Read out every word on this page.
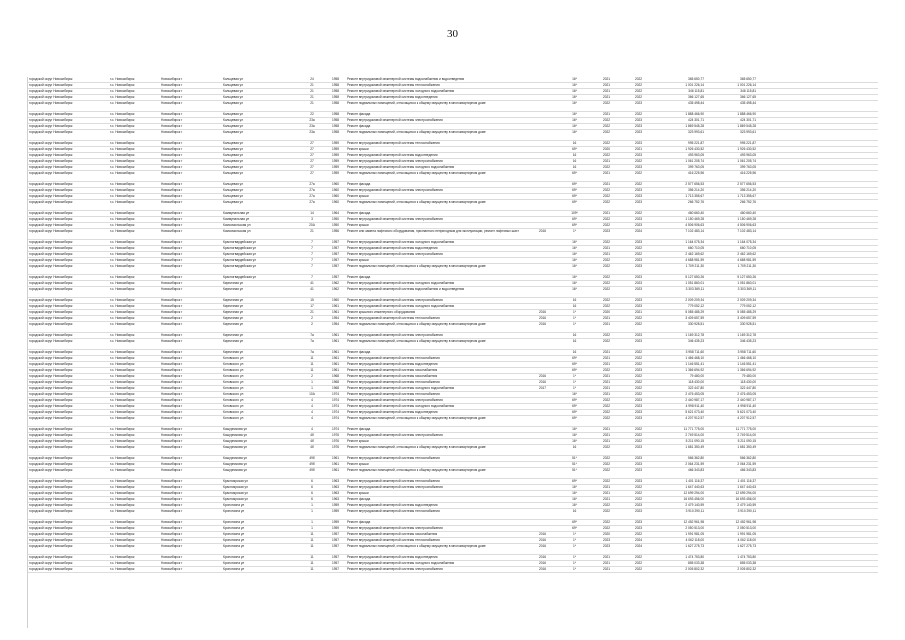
30
городской округ Новосибирск	г.о. Новосибирск	Новосибирск г	Кольцевая ул	24	1958	Ремонт внутридомовой инженерной системы водоснабжения и водоотведения	16*	2021	2022	365 650,77	365 650,77
городской округ Новосибирск	г.о. Новосибирск	Новосибирск г	Кольцевая ул	21	1958	Ремонт внутридомовой инженерной системы теплоснабжения	16*	2021	2022	1 001 226,14	1 001 226,14
городской округ Новосибирск	г.о. Новосибирск	Новосибирск г	Кольцевая ул	21	1958	Ремонт внутридомовой инженерной системы холодного водоснабжения	16*	2021	2022	346 115,81	346 115,81
городской округ Новосибирск	г.о. Новосибирск	Новосибирск г	Кольцевая ул	21	1958	Ремонт внутридомовой инженерной системы водоотведения	16*	2021	2022	366 127,65	366 127,65
городской округ Новосибирск	г.о. Новосибирск	Новосибирск г	Кольцевая ул	21	1958	Ремонт подвальных помещений, относящихся к общему имуществу в многоквартирном доме	16*	2022	2023	435 498,44	435 498,44
городской округ Новосибирск	г.о. Новосибирск	Новосибирск г	Кольцевая ул	22	1958	Ремонт фасада	16*	2021	2022	1 888 466,90	1 888 466,90
городской округ Новосибирск	г.о. Новосибирск	Новосибирск г	Кольцевая ул	23а	1958	Ремонт внутридомовой инженерной системы электроснабжения	16*	2022	2023	424 301,71	424 301,71
городской округ Новосибирск	г.о. Новосибирск	Новосибирск г	Кольцевая ул	23а	1958	Ремонт фасада	16*	2022	2023	1 869 545,28	1 869 545,28
городской округ Новосибирск	г.о. Новосибирск	Новосибирск г	Кольцевая ул	23а	1958	Ремонт подвальных помещений, относящихся к общему имуществу в многоквартирном доме	16*	2022	2023	323 993,61	323 993,61
городской округ Новосибирск	г.о. Новосибирск	Новосибирск г	Кольцевая ул	27	1959	Ремонт внутридомовой инженерной системы теплоснабжения	16	2022	2023	995 221,87	995 221,87
городской округ Новосибирск	г.о. Новосибирск	Новосибирск г	Кольцевая ул	27	1959	Ремонт крыши	69*	2020	2021	1 926 430,52	1 926 430,52
городской округ Новосибирск	г.о. Новосибирск	Новосибирск г	Кольцевая ул	27	1959	Ремонт внутридомовой инженерной системы водоотведения	16	2022	2023	493 963,05	493 963,05
городской округ Новосибирск	г.о. Новосибирск	Новосибирск г	Кольцевая ул	27	1959	Ремонт внутридомовой инженерной системы электроснабжения	16	2021	2022	1 061 205,74	1 061 205,74
городской округ Новосибирск	г.о. Новосибирск	Новосибирск г	Кольцевая ул	27	1959	Ремонт внутридомовой инженерной системы холодного водоснабжения	16	2022	2023	399 763,05	399 763,05
городской округ Новосибирск	г.о. Новосибирск	Новосибирск г	Кольцевая ул	27	1959	Ремонт подвальных помещений, относящихся к общему имуществу в многоквартирном доме	69*	2021	2022	416 225,96	416 225,96
городской округ Новосибирск	г.о. Новосибирск	Новосибирск г	Кольцевая ул	27а	1960	Ремонт фасада	69*	2021	2022	2 577 656,53	2 577 656,53
городской округ Новосибирск	г.о. Новосибирск	Новосибирск г	Кольцевая ул	27а	1960	Ремонт внутридомовой инженерной системы электроснабжения	69*	2022	2023	356 214,20	356 214,20
городской округ Новосибирск	г.о. Новосибирск	Новосибирск г	Кольцевая ул	27а	1960	Ремонт крыши	69*	2022	2023	1 713 355,67	1 713 355,67
городской округ Новосибирск	г.о. Новосибирск	Новосибирск г	Кольцевая ул	27а	1960	Ремонт подвальных помещений, относящихся к общему имуществу в многоквартирном доме	69*	2022	2023	266 752,76	266 752,76
городской округ Новосибирск	г.о. Новосибирск	Новосибирск г	Коммунальная ул	14	1964	Ремонт фасада	109*	2021	2022	460 660,40	460 660,40
городской округ Новосибирск	г.о. Новосибирск	Новосибирск г	Коммунальная ул	3	1950	Ремонт внутридомовой инженерной системы электроснабжения	69*	2022	2023	1 150 469,28	1 150 469,28
городской округ Новосибирск	г.о. Новосибирск	Новосибирск г	Комсомольская ул	20А	1950	Ремонт крыши	69*	2022	2023	4 506 906,63	4 506 906,63
городской округ Новосибирск	г.о. Новосибирск	Новосибирск г	Комсомольская ул	21	1956	Ремонт или замена лифтового оборудования, признанного непригодным для эксплуатации, ремонт лифтовых шахт	2016	1*	2023	2024	7 102 483,14	7 102 483,14
городской округ Новосибирск	г.о. Новосибирск	Новосибирск г	Красногвардейская ул	7	1957	Ремонт внутридомовой инженерной системы холодного водоснабжения	16*	2022	2023	1 164 075,34	1 164 075,34
городской округ Новосибирск	г.о. Новосибирск	Новосибирск г	Красногвардейская ул	7	1957	Ремонт внутридомовой инженерной системы водоотведения	16*	2021	2022	660 710,05	660 710,05
городской округ Новосибирск	г.о. Новосибирск	Новосибирск г	Красногвардейская ул	7	1957	Ремонт внутридомовой инженерной системы электроснабжения	16*	2021	2022	2 462 169,62	2 462 169,62
городской округ Новосибирск	г.о. Новосибирск	Новосибирск г	Красногвардейская ул	7	1957	Ремонт крыши	16*	2022	2023	4 688 981,59	4 688 981,59
городской округ Новосибирск	г.о. Новосибирск	Новосибирск г	Красногвардейская ул	7	1957	Ремонт подвальных помещений, относящихся к общему имуществу в многоквартирном доме	16*	2022	2023	1 709 211,30	1 709 211,30
городской округ Новосибирск	г.о. Новосибирск	Новосибирск г	Красногвардейская ул	7	1957	Ремонт фасада	16*	2022	2023	5 127 650,26	5 127 650,26
городской округ Новосибирск	г.о. Новосибирск	Новосибирск г	Кирпичная ул	41	1962	Ремонт внутридомовой инженерной системы холодного водоснабжения	16*	2022	2023	1 051 860,01	1 051 860,01
городской округ Новосибирск	г.о. Новосибирск	Новосибирск г	Кирпичная ул	41	1962	Ремонт внутридомовой инженерной системы водоснабжения и водоотведения	16*	2022	2023	3 303 369,11	3 303 369,11
городской округ Новосибирск	г.о. Новосибирск	Новосибирск г	Кирпичная ул	15	1960	Ремонт внутридомовой инженерной системы электроснабжения	16	2022	2023	2 009 209,34	2 009 209,34
городской округ Новосибирск	г.о. Новосибирск	Новосибирск г	Кирпичная ул	17	1961	Ремонт внутридомовой инженерной системы холодного водоснабжения	16	2022	2023	779 052,12	779 052,12
городской округ Новосибирск	г.о. Новосибирск	Новосибирск г	Кирпичная ул	21	1961	Ремонт крышного инженерного оборудования	2016	1*	2020	2021	5 085 485,29	5 085 485,29
городской округ Новосибирск	г.о. Новосибирск	Новосибирск г	Кирпичная ул	2	1954	Ремонт внутридомовой инженерной системы теплоснабжения	2016	1*	2021	2022	3 409 657,59	3 409 657,59
городской округ Новосибирск	г.о. Новосибирск	Новосибирск г	Кирпичная ул	2	1954	Ремонт подвальных помещений, относящихся к общему имуществу в многоквартирном доме	2016	1*	2021	2022	330 928,51	330 928,51
городской округ Новосибирск	г.о. Новосибирск	Новосибирск г	Кирпичная ул	7а	1961	Ремонт внутридомовой инженерной системы электроснабжения	16	2022	2023	1 169 312,78	1 169 312,78
городской округ Новосибирск	г.о. Новосибирск	Новосибирск г	Кирпичная ул	7а	1961	Ремонт подвальных помещений, относящихся к общему имуществу в многоквартирном доме	16	2022	2023	346 435,23	346 435,23
городской округ Новосибирск	г.о. Новосибирск	Новосибирск г	Кирпичная ул	7а	1961	Ремонт фасада	16	2021	2022	3 958 711,60	3 958 711,60
городской округ Новосибирск	г.о. Новосибирск	Новосибирск г	Котовского ул	11	1961	Ремонт внутридомовой инженерной системы теплоснабжения	69*	2021	2022	1 466 468,10	1 466 468,10
городской округ Новосибирск	г.о. Новосибирск	Новосибирск г	Котовского ул	11	1961	Ремонт внутридомовой инженерной системы водоотведения	69*	2021	2022	1 146 551,41	1 146 551,41
городской округ Новосибирск	г.о. Новосибирск	Новосибирск г	Котовского ул	11	1961	Ремонт внутридомовой инженерной системы газоснабжения	69*	2022	2023	1 366 694,92	1 366 694,92
городской округ Новосибирск	г.о. Новосибирск	Новосибирск г	Котовского ул	2	1968	Ремонт внутридомовой инженерной системы газоснабжения	2016	1*	2021	2022	79 480,00	79 480,00
городской округ Новосибирск	г.о. Новосибирск	Новосибирск г	Котовского ул	1	1968	Ремонт внутридомовой инженерной системы теплоснабжения	2016	1*	2021	2022	118 430,00	118 430,00
городской округ Новосибирск	г.о. Новосибирск	Новосибирск г	Котовского ул	1	1968	Ремонт внутридомовой инженерной системы холодного водоснабжения	2017	1*	2021	2022	322 447,80	322 447,80
городской округ Новосибирск	г.о. Новосибирск	Новосибирск г	Котовского ул	10А	1974	Ремонт внутридомовой инженерной системы теплоснабжения	16*	2021	2022	2 476 453,05	2 476 453,05
городской округ Новосибирск	г.о. Новосибирск	Новосибирск г	Котовского ул	4	1974	Ремонт внутридомовой инженерной системы электроснабжения	69*	2022	2023	2 440 987,17	2 440 987,17
городской округ Новосибирск	г.о. Новосибирск	Новосибирск г	Котовского ул	4	1974	Ремонт внутридомовой инженерной системы холодного водоснабжения	69*	2022	2023	4 998 911,40	4 998 911,40
городской округ Новосибирск	г.о. Новосибирск	Новосибирск г	Котовского ул	4	1974	Ремонт внутридомовой инженерной системы водоотведения	69*	2022	2023	5 621 073,40	5 621 073,40
городской округ Новосибирск	г.о. Новосибирск	Новосибирск г	Котовского ул	4	1974	Ремонт подвальных помещений, относящихся к общему имуществу в многоквартирном доме	69*	2022	2023	4 207 912,57	4 207 912,57
городской округ Новосибирск	г.о. Новосибирск	Новосибирск г	Кошурникова ул	4	1974	Ремонт фасада	16*	2021	2022	11 771 775,00	11 771 775,00
городской округ Новосибирск	г.о. Новосибирск	Новосибирск г	Кошурникова ул	4б	1976	Ремонт внутридомовой инженерной системы электроснабжения	16*	2021	2022	2 749 514,00	2 749 514,00
городской округ Новосибирск	г.о. Новосибирск	Новосибирск г	Кошурникова ул	4б	1976	Ремонт крыши	16*	2021	2022	5 211 090,15	5 211 090,15
городской округ Новосибирск	г.о. Новосибирск	Новосибирск г	Кошурникова ул	4б	1976	Ремонт подвальных помещений, относящихся к общему имуществу в многоквартирном доме	16	2022	2023	1 681 350,49	1 681 350,49
городской округ Новосибирск	г.о. Новосибирск	Новосибирск г	Кошурникова ул	49б	1961	Ремонт внутридомовой инженерной системы теплоснабжения	51*	2022	2023	566 362,80	566 362,80
городской округ Новосибирск	г.о. Новосибирск	Новосибирск г	Кошурникова ул	49б	1961	Ремонт крыши	51*	2022	2023	2 064 231,59	2 064 231,59
городской округ Новосибирск	г.о. Новосибирск	Новосибирск г	Кошурникова ул	49б	1961	Ремонт подвальных помещений, относящихся к общему имуществу в многоквартирном доме	51*	2022	2023	466 343,83	466 343,83
городской округ Новосибирск	г.о. Новосибирск	Новосибирск г	Красноярская ул	6	1963	Ремонт внутридомовой инженерной системы теплоснабжения	69*	2022	2023	1 401 116,37	1 401 116,37
городской округ Новосибирск	г.о. Новосибирск	Новосибирск г	Красноярская ул	6	1963	Ремонт внутридомовой инженерной системы электроснабжения	16*	2021	2022	1 647 440,63	1 647 440,63
городской округ Новосибирск	г.о. Новосибирск	Новосибирск г	Красноярская ул	6	1963	Ремонт крыши	16*	2021	2022	12 699 294,00	12 699 294,00
городской округ Новосибирск	г.о. Новосибирск	Новосибирск г	Красноярская ул	6	1963	Ремонт фасада	16*	2021	2022	16 693 456,00	16 693 456,00
городской округ Новосибирск	г.о. Новосибирск	Новосибирск г	Кропоткина ул	1	1959	Ремонт внутридомовой инженерной системы водоотведения	16*	2022	2023	2 479 140,59	2 479 140,59
городской округ Новосибирск	г.о. Новосибирск	Новосибирск г	Кропоткина ул	1	1959	Ремонт внутридомовой инженерной системы теплоснабжения	16	2022	2023	3 910 290,11	3 910 290,11
городской округ Новосибирск	г.о. Новосибирск	Новосибирск г	Кропоткина ул	1	1959	Ремонт фасада	69*	2022	2023	12 452 961,98	12 452 961,98
городской округ Новосибирск	г.о. Новосибирск	Новосибирск г	Кропоткина ул	1	1959	Ремонт внутридомовой инженерной системы электроснабжения	69*	2022	2023	2 050 513,00	2 050 513,00
городской округ Новосибирск	г.о. Новосибирск	Новосибирск г	Кропоткина ул	11	1957	Ремонт внутридомовой инженерной системы газоснабжения	2016	1*	2020	2022	1 991 981,05	1 991 981,05
городской округ Новосибирск	г.о. Новосибирск	Новосибирск г	Кропоткина ул	11	1957	Ремонт внутридомовой инженерной системы теплоснабжения	2016	1*	2023	2024	4 062 118,00	4 062 118,00
городской округ Новосибирск	г.о. Новосибирск	Новосибирск г	Кропоткина ул	11	1957	Ремонт подвальных помещений, относящихся к общему имуществу в многоквартирном доме	2016	1*	2023	2024	1 627 275,73	1 627 275,73
городской округ Новосибирск	г.о. Новосибирск	Новосибирск г	Кропоткина ул	11	1957	Ремонт внутридомовой инженерной системы водоотведения	2016	1*	2021	2022	1 474 753,80	1 474 753,80
городской округ Новосибирск	г.о. Новосибирск	Новосибирск г	Кропоткина ул	11	1957	Ремонт внутридомовой инженерной системы холодного водоснабжения	2016	1*	2021	2022	855 033,38	855 033,38
городской округ Новосибирск	г.о. Новосибирск	Новосибирск г	Кропоткина ул	11	1957	Ремонт внутридомовой инженерной системы электроснабжения	2016	1*	2021	2022	2 005 802,32	2 005 802,32
